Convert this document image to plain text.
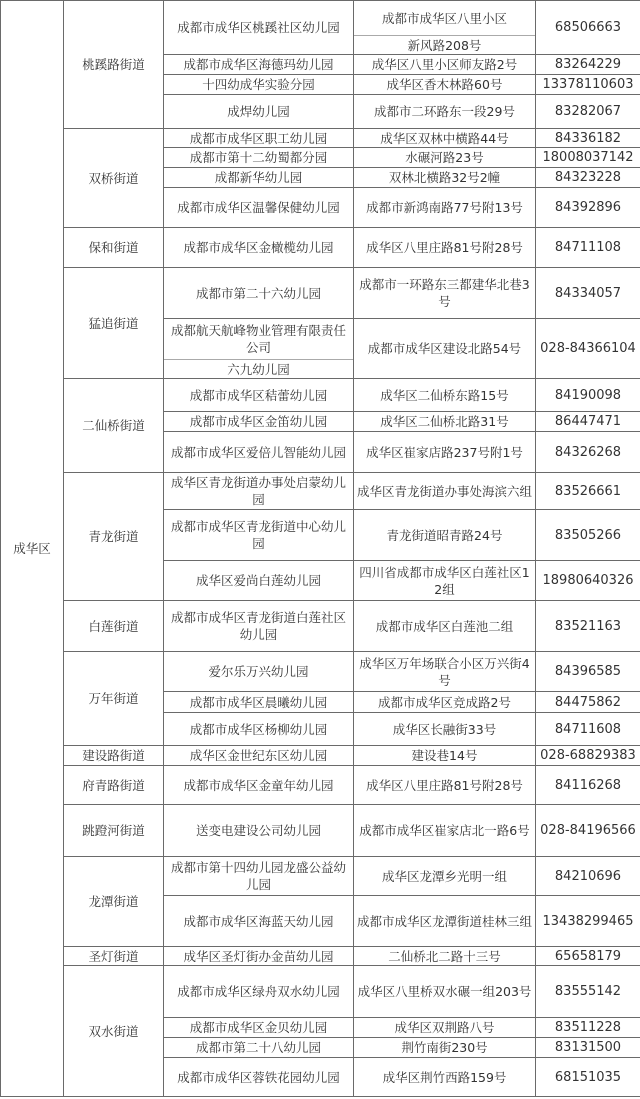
成华区	桃蹊路街道	成都市成华区桃蹊社区幼儿园	成都市成华区八里小区
新风路208号	68506663
		成都市成华区海德玛幼儿园	成华区八里小区师友路2号	83264229
		十四幼成华实验分园	成华区香木林路60号	13378110603
		成焊幼儿园	成都市二环路东一段29号	83282067
	双桥街道	成都市成华区职工幼儿园	成华区双林中横路44号	84336182
		成都市第十二幼蜀都分园	水碾河路23号	18008037142
		成都新华幼儿园	双林北横路32号2幢	84323228
		成都市成华区温馨保健幼儿园	成都市新鸿南路77号附13号	84392896
	保和街道	成都市成华区金橄榄幼儿园	成华区八里庄路81号附28号	84711108
	猛追街道	成都市第二十六幼儿园	成都市一环路东三都建华北巷3号	84334057

成都航天航峰物业管理有限责任公司
六九幼儿园	成都市成华区建设北路54号	028-84366104
	二仙桥街道	成都市成华区秸蕾幼儿园	成华区二仙桥东路15号	84190098
		成都市成华区金笛幼儿园	成华区二仙桥北路31号	86447471
		成都市成华区爱倍儿智能幼儿园	成华区崔家店路237号附1号	84326268
	青龙街道	成华区青龙街道办事处启蒙幼儿园	成华区青龙街道办事处海滨六组	83526661
		成都市成华区青龙街道中心幼儿园	青龙街道昭青路24号	83505266
		成华区爱尚白莲幼儿园	四川省成都市成华区白莲社区12组	18980640326
	白莲街道	成都市成华区青龙街道白莲社区幼儿园	成都市成华区白莲池二组	83521163
	万年街道	爱尔乐万兴幼儿园	成华区万年场联合小区万兴街4号	84396585
		成都市成华区晨曦幼儿园	成都市成华区竞成路2号	84475862
		成都市成华区杨柳幼儿园	成华区长融街33号	84711608
	建设路街道	成华区金世纪东区幼儿园	建设巷14号	028-68829383
	府青路街道	成都市成华区金童年幼儿园	成华区八里庄路81号附28号	84116268
	跳蹬河街道	送变电建设公司幼儿园	成都市成华区崔家店北一路6号	028-84196566
	龙潭街道	成都市第十四幼儿园龙盛公益幼儿园	成华区龙潭乡光明一组	84210696
		成都市成华区海蓝天幼儿园	成都市成华区龙潭街道桂林三组	13438299465
	圣灯街道	成华区圣灯街办金苗幼儿园	二仙桥北二路十三号	65658179
	双水街道	成都市成华区绿舟双水幼儿园	成华区八里桥双水碾一组203号	83555142
		成都市成华区金贝幼儿园	成华区双荆路八号	83511228
		成都市第二十八幼儿园	荆竹南街230号	83131500
		成都市成华区蓉铁花园幼儿园	成华区荆竹西路159号	68151035
